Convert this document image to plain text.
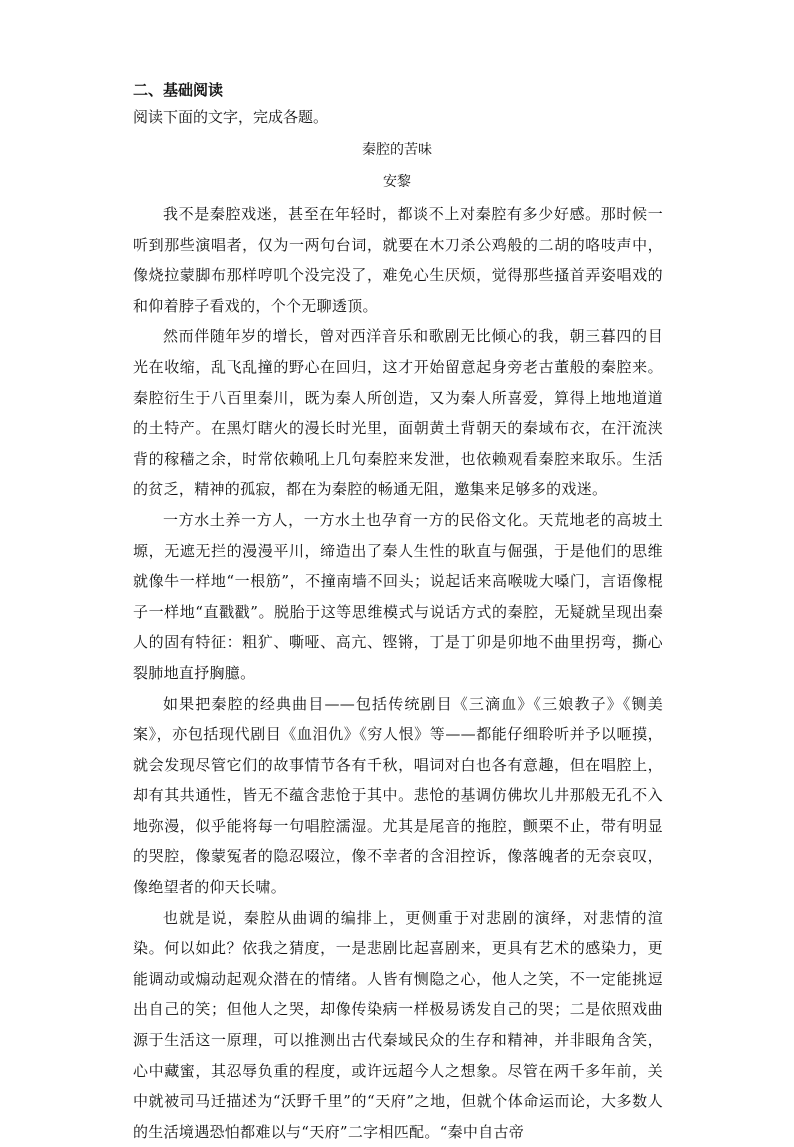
二、基础阅读
阅读下面的文字，完成各题。
秦腔的苦味
安黎

我不是秦腔戏迷，甚至在年轻时，都谈不上对秦腔有多少好感。那时候一听到那些演唱者，仅为一两句台词，就要在木刀杀公鸡般的二胡的咯吱声中，像烧拉蒙脚布那样哼叽个没完没了，难免心生厌烦，觉得那些搔首弄姿唱戏的和仰着脖子看戏的，个个无聊透顶。

然而伴随年岁的增长，曾对西洋音乐和歌剧无比倾心的我，朝三暮四的目光在收缩，乱飞乱撞的野心在回归，这才开始留意起身旁老古董般的秦腔来。秦腔衍生于八百里秦川，既为秦人所创造，又为秦人所喜爱，算得上地地道道的土特产。在黑灯瞎火的漫长时光里，面朝黄土背朝天的秦域布衣，在汗流浃背的稼穑之余，时常依赖吼上几句秦腔来发泄，也依赖观看秦腔来取乐。生活的贫乏，精神的孤寂，都在为秦腔的畅通无阻，邀集来足够多的戏迷。

一方水土养一方人，一方水土也孕育一方的民俗文化。天荒地老的高坡土塬，无遮无拦的漫漫平川，缔造出了秦人生性的耿直与倔强，于是他们的思维就像牛一样地“一根筋”，不撞南墙不回头；说起话来高喉咙大嗓门，言语像棍子一样地“直戳戳”。脱胎于这等思维模式与说话方式的秦腔，无疑就呈现出秦人的固有特征：粗犷、嘶哑、高亢、铿锵，丁是丁卯是卯地不曲里拐弯，撕心裂肺地直抒胸臆。

如果把秦腔的经典曲目——包括传统剧目《三滴血》《三娘教子》《铡美案》，亦包括现代剧目《血泪仇》《穷人恨》等——都能仔细聆听并予以咂摸，就会发现尽管它们的故事情节各有千秋，唱词对白也各有意趣，但在唱腔上，却有其共通性，皆无不蕴含悲怆于其中。悲怆的基调仿佛坎儿井那般无孔不入地弥漫，似乎能将每一句唱腔濡湿。尤其是尾音的拖腔，颤栗不止，带有明显的哭腔，像蒙冤者的隐忍啜泣，像不幸者的含泪控诉，像落魄者的无奈哀叹，像绝望者的仰天长啸。

也就是说，秦腔从曲调的编排上，更侧重于对悲剧的演绎，对悲情的渲染。何以如此？依我之猜度，一是悲剧比起喜剧来，更具有艺术的感染力，更能调动或煽动起观众潜在的情绪。人皆有恻隐之心，他人之笑，不一定能挑逗出自己的笑；但他人之哭，却像传染病一样极易诱发自己的哭；二是依照戏曲源于生活这一原理，可以推测出古代秦域民众的生存和精神，并非眼角含笑，心中藏蜜，其忍辱负重的程度，或许远超今人之想象。尽管在两千多年前，关中就被司马迁描述为“沃野千里”的“天府”之地，但就个体命运而论，大多数人的生活境遇恐怕都难以与“天府”二字相匹配。“秦中自古帝
